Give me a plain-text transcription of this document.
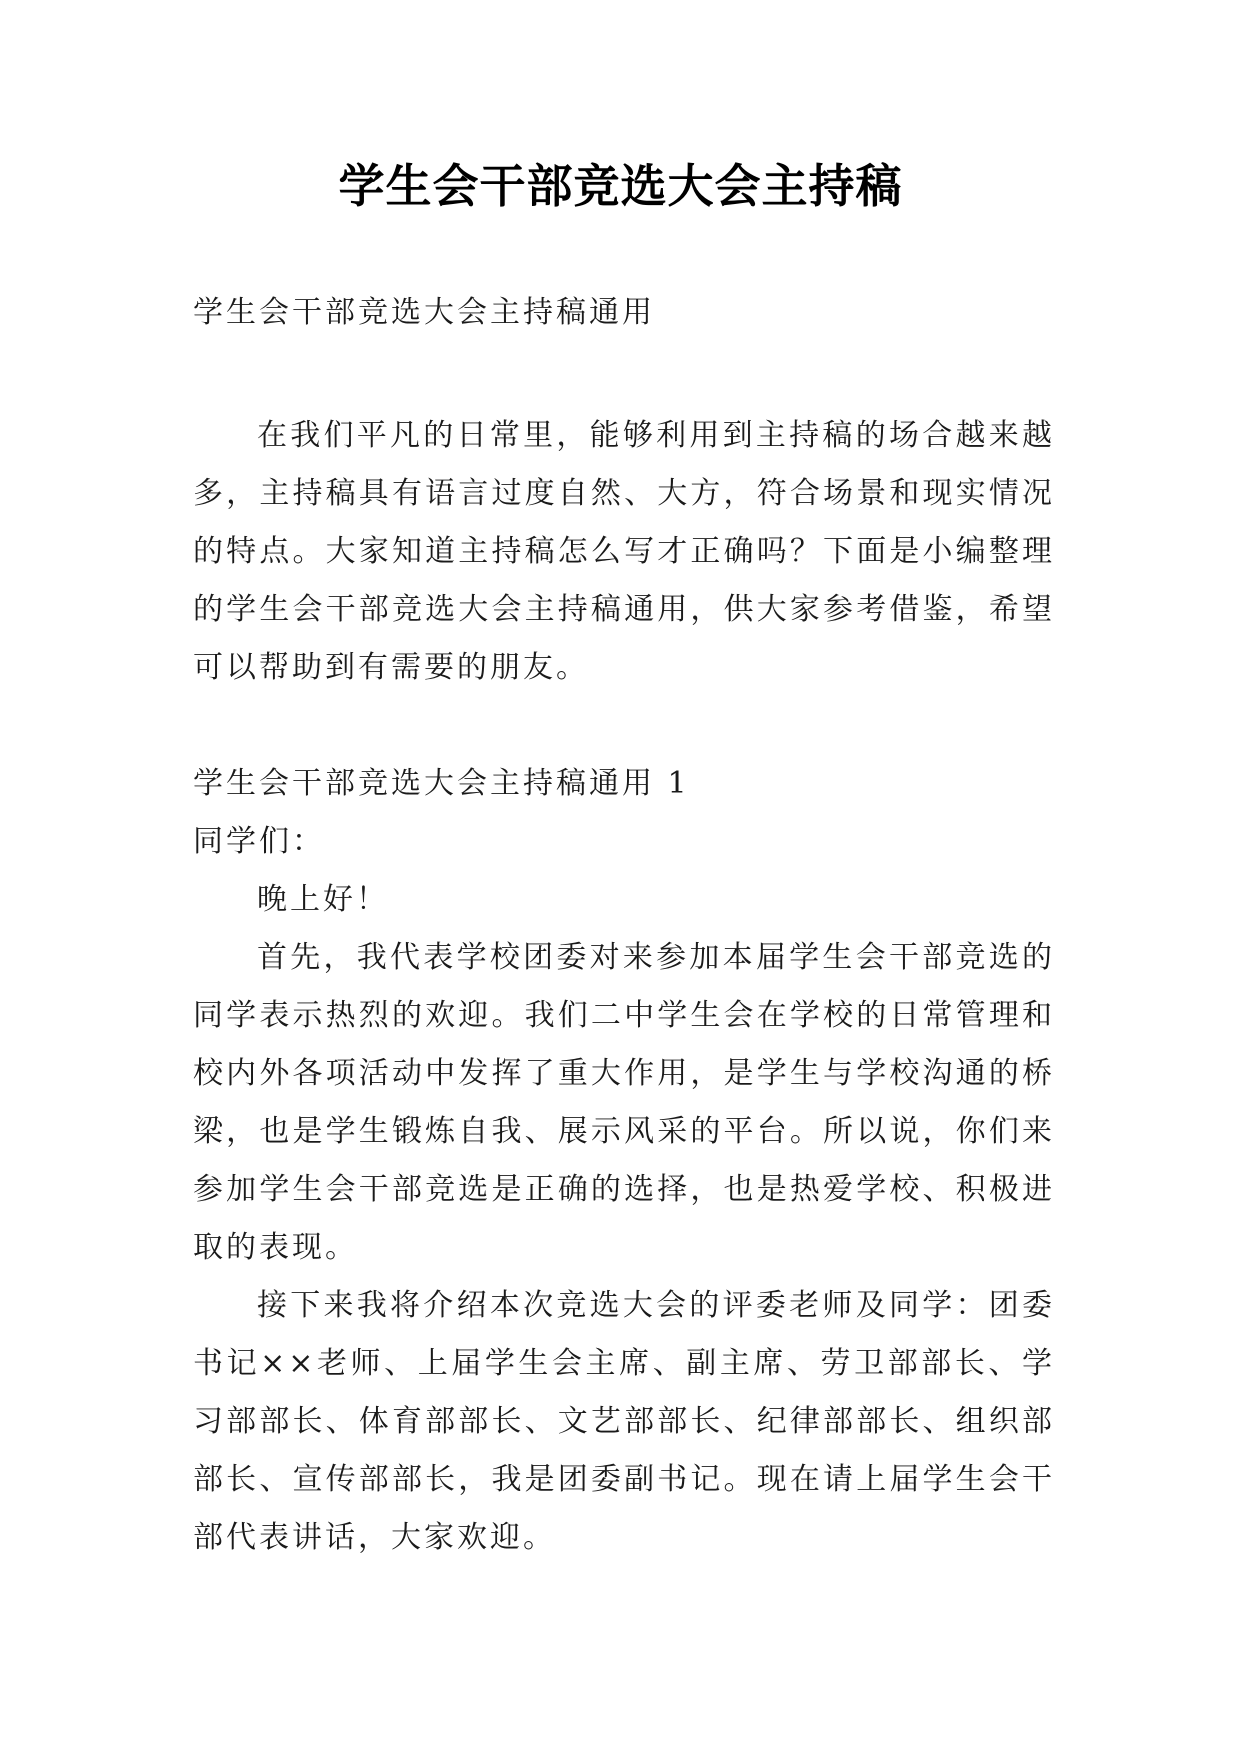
学生会干部竞选大会主持稿

学生会干部竞选大会主持稿通用

在我们平凡的日常里，能够利用到主持稿的场合越来越多，主持稿具有语言过度自然、大方，符合场景和现实情况的特点。大家知道主持稿怎么写才正确吗？下面是小编整理的学生会干部竞选大会主持稿通用，供大家参考借鉴，希望可以帮助到有需要的朋友。

学生会干部竞选大会主持稿通用 1

同学们：

晚上好！

首先，我代表学校团委对来参加本届学生会干部竞选的同学表示热烈的欢迎。我们二中学生会在学校的日常管理和校内外各项活动中发挥了重大作用，是学生与学校沟通的桥梁，也是学生锻炼自我、展示风采的平台。所以说，你们来参加学生会干部竞选是正确的选择，也是热爱学校、积极进取的表现。

接下来我将介绍本次竞选大会的评委老师及同学：团委书记××老师、上届学生会主席、副主席、劳卫部部长、学习部部长、体育部部长、文艺部部长、纪律部部长、组织部部长、宣传部部长，我是团委副书记。现在请上届学生会干部代表讲话，大家欢迎。
